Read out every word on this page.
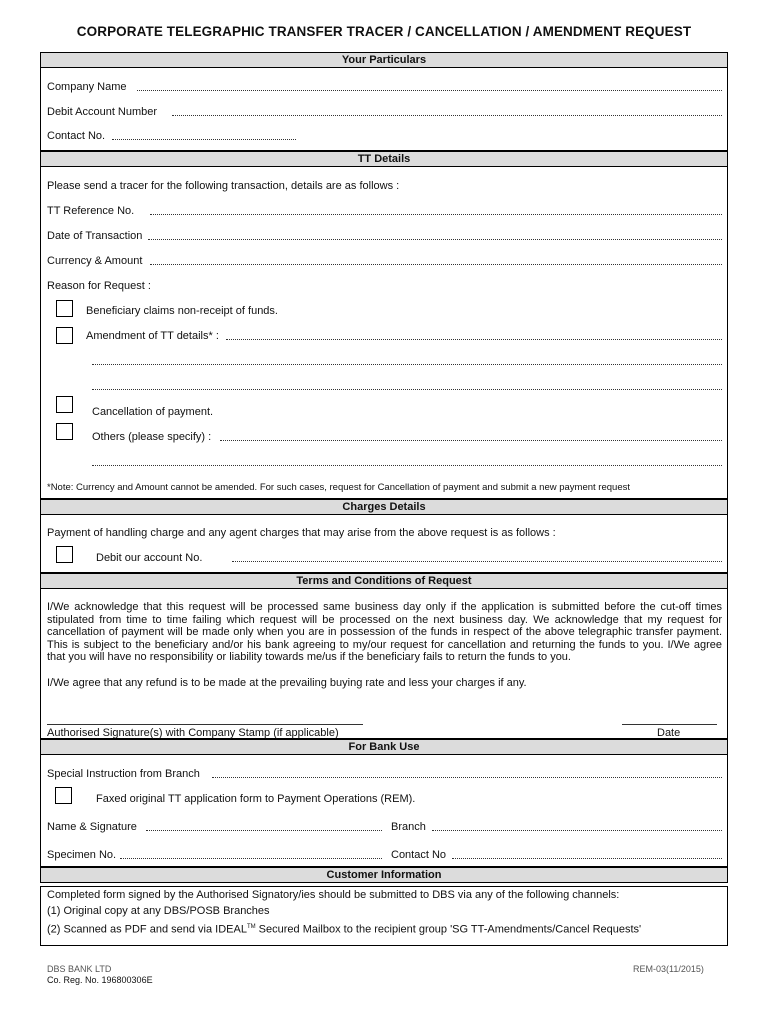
CORPORATE TELEGRAPHIC TRANSFER TRACER / CANCELLATION / AMENDMENT REQUEST
Your Particulars
Company Name
Debit Account Number
Contact No.
TT Details
Please send a tracer for the following transaction, details are as follows :
TT Reference No.
Date of Transaction
Currency & Amount
Reason for Request :
Beneficiary claims non-receipt of funds.
Amendment of TT details* :
Cancellation of payment.
Others (please specify) :
*Note: Currency and Amount cannot be amended. For such cases, request for Cancellation of payment and submit a new payment request
Charges Details
Payment of handling charge and any agent charges that may arise from the above request is as follows :
Debit our account No.
Terms and Conditions of Request
I/We acknowledge that this request will be processed same business day only if the application is submitted before the cut-off times stipulated from time to time failing which request will be processed on the next business day. We acknowledge that my request for cancellation of payment will be made only when you are in possession of the funds in respect of the above telegraphic transfer payment. This is subject to the beneficiary and/or his bank agreeing to my/our request for cancellation and returning the funds to you. I/We agree that you will have no responsibility or liability towards me/us if the beneficiary fails to return the funds to you.
I/We agree that any refund is to be made at the prevailing buying rate and less your charges if any.
Authorised Signature(s) with Company Stamp (if applicable)	Date
For Bank Use
Special Instruction from Branch
Faxed original TT application form to Payment Operations (REM).
Name & Signature	Branch
Specimen No.	Contact No
Customer Information
Completed form signed by the Authorised Signatory/ies should be submitted to DBS via any of the following channels:
(1) Original copy at any DBS/POSB Branches
(2) Scanned as PDF and send via IDEAL™ Secured Mailbox to the recipient group 'SG TT-Amendments/Cancel Requests'
DBS BANK LTD
Co. Reg. No. 196800306E
REM-03(11/2015)
